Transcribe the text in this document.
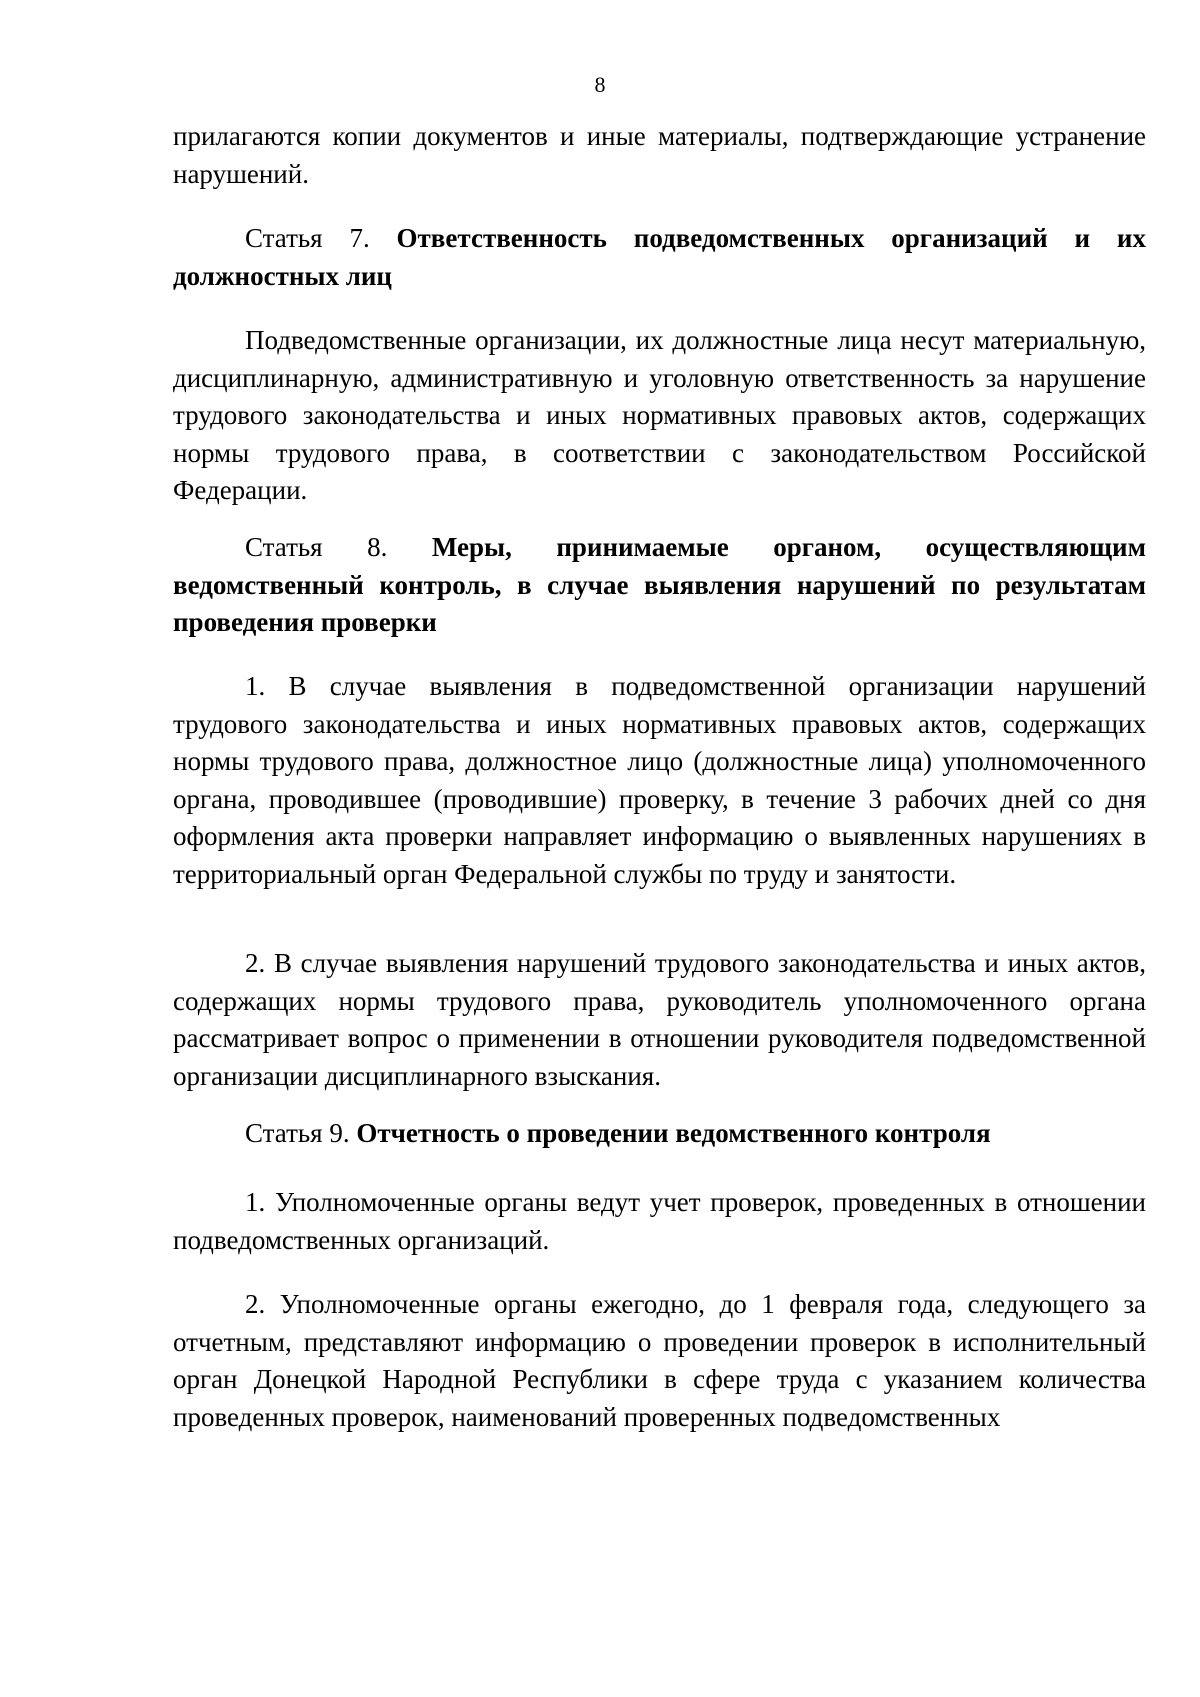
8

прилагаются копии документов и иные материалы, подтверждающие устранение нарушений.

Статья 7. Ответственность подведомственных организаций и их должностных лиц

Подведомственные организации, их должностные лица несут материальную, дисциплинарную, административную и уголовную ответственность за нарушение трудового законодательства и иных нормативных правовых актов, содержащих нормы трудового права, в соответствии с законодательством Российской Федерации.

Статья 8. Меры, принимаемые органом, осуществляющим ведомственный контроль, в случае выявления нарушений по результатам проведения проверки

1. В случае выявления в подведомственной организации нарушений трудового законодательства и иных нормативных правовых актов, содержащих нормы трудового права, должностное лицо (должностные лица) уполномоченного органа, проводившее (проводившие) проверку, в течение 3 рабочих дней со дня оформления акта проверки направляет информацию о выявленных нарушениях в территориальный орган Федеральной службы по труду и занятости.

2. В случае выявления нарушений трудового законодательства и иных актов, содержащих нормы трудового права, руководитель уполномоченного органа рассматривает вопрос о применении в отношении руководителя подведомственной организации дисциплинарного взыскания.

Статья 9. Отчетность о проведении ведомственного контроля

1. Уполномоченные органы ведут учет проверок, проведенных в отношении подведомственных организаций.

2. Уполномоченные органы ежегодно, до 1 февраля года, следующего за отчетным, представляют информацию о проведении проверок в исполнительный орган Донецкой Народной Республики в сфере труда с указанием количества проведенных проверок, наименований проверенных подведомственных
